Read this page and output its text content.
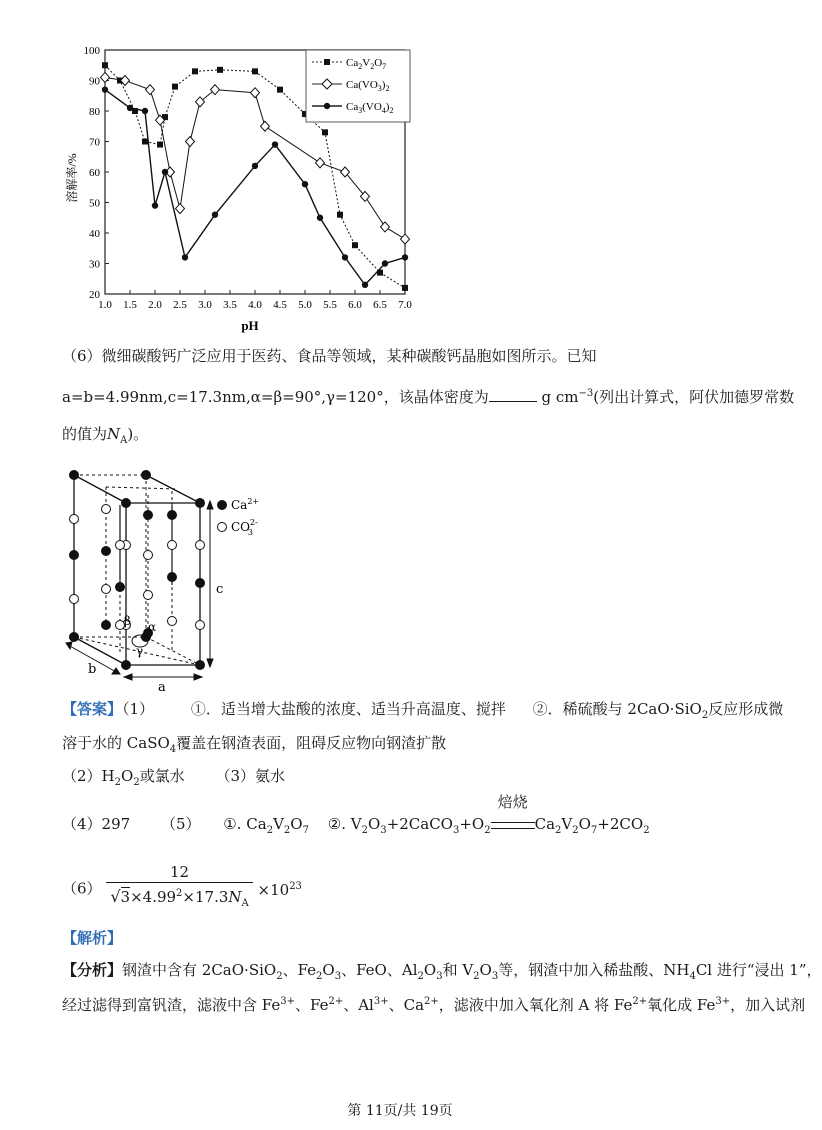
1.0 1.5 2.0 2.5 3.0 3.5 4.0 4.5 5.0 5.5 6.0 6.5 7.0
20
30
40
50
60
70
80
90
100
$Ca_2V_2O_7$
$Ca(VO_3)_2$
$Ca_3(VO_4)_2$
pH
溶解率/%
（6）微细碳酸钙广泛应用于医药、食品等领域，某种碳酸钙晶胞如图所示。已知
a=b=4.99nm,c=17.3nm,α=β=90°,γ=120°，该晶体密度为	g $cm^{-3}$(列出计算式，阿伏加德罗常数
的值为$N_A$)。
β α
γ
c
a
b
$Ca^{2+}$
$CO^{2-}3$
【答案】（1） ①．适当增大盐酸的浓度、适当升高温度、搅拌 ②．稀硫酸与 2CaO·SiO$_2$反应形成微
溶于水的 CaSO$_4$覆盖在钢渣表面，阻碍反应物向钢渣扩散
$(2)H_2O_2$或氯水 （3）氨水
（4）297 （5） ①. $Ca_2V_2O_7$ ②. $V_2O_3+2CaCO_3+O_2$
焙烧
$Ca_2V_2O_7+2CO_2$
$(6) \frac{12}{√3\times 4.99^2\times 17.3N_A} \times 10^{23}$
【解析】
【分析】钢渣中含有 2CaO·SiO$_2$、$Fe_2O_3$、FeO、$Al_2O_3$和 $V_2O_3$等，钢渣中加入稀盐酸、$NH_4Cl$ 进行“浸出 1”，
经过滤得到富钒渣，滤液中含 $Fe^{3+}$、$Fe^{2+}$、$Al^{3+}$、$Ca^{2+}$，滤液中加入氧化剂 A 将 $Fe^{2+}$氧化成 $Fe^{3+}$，加入试剂
第 11页/共 19页
